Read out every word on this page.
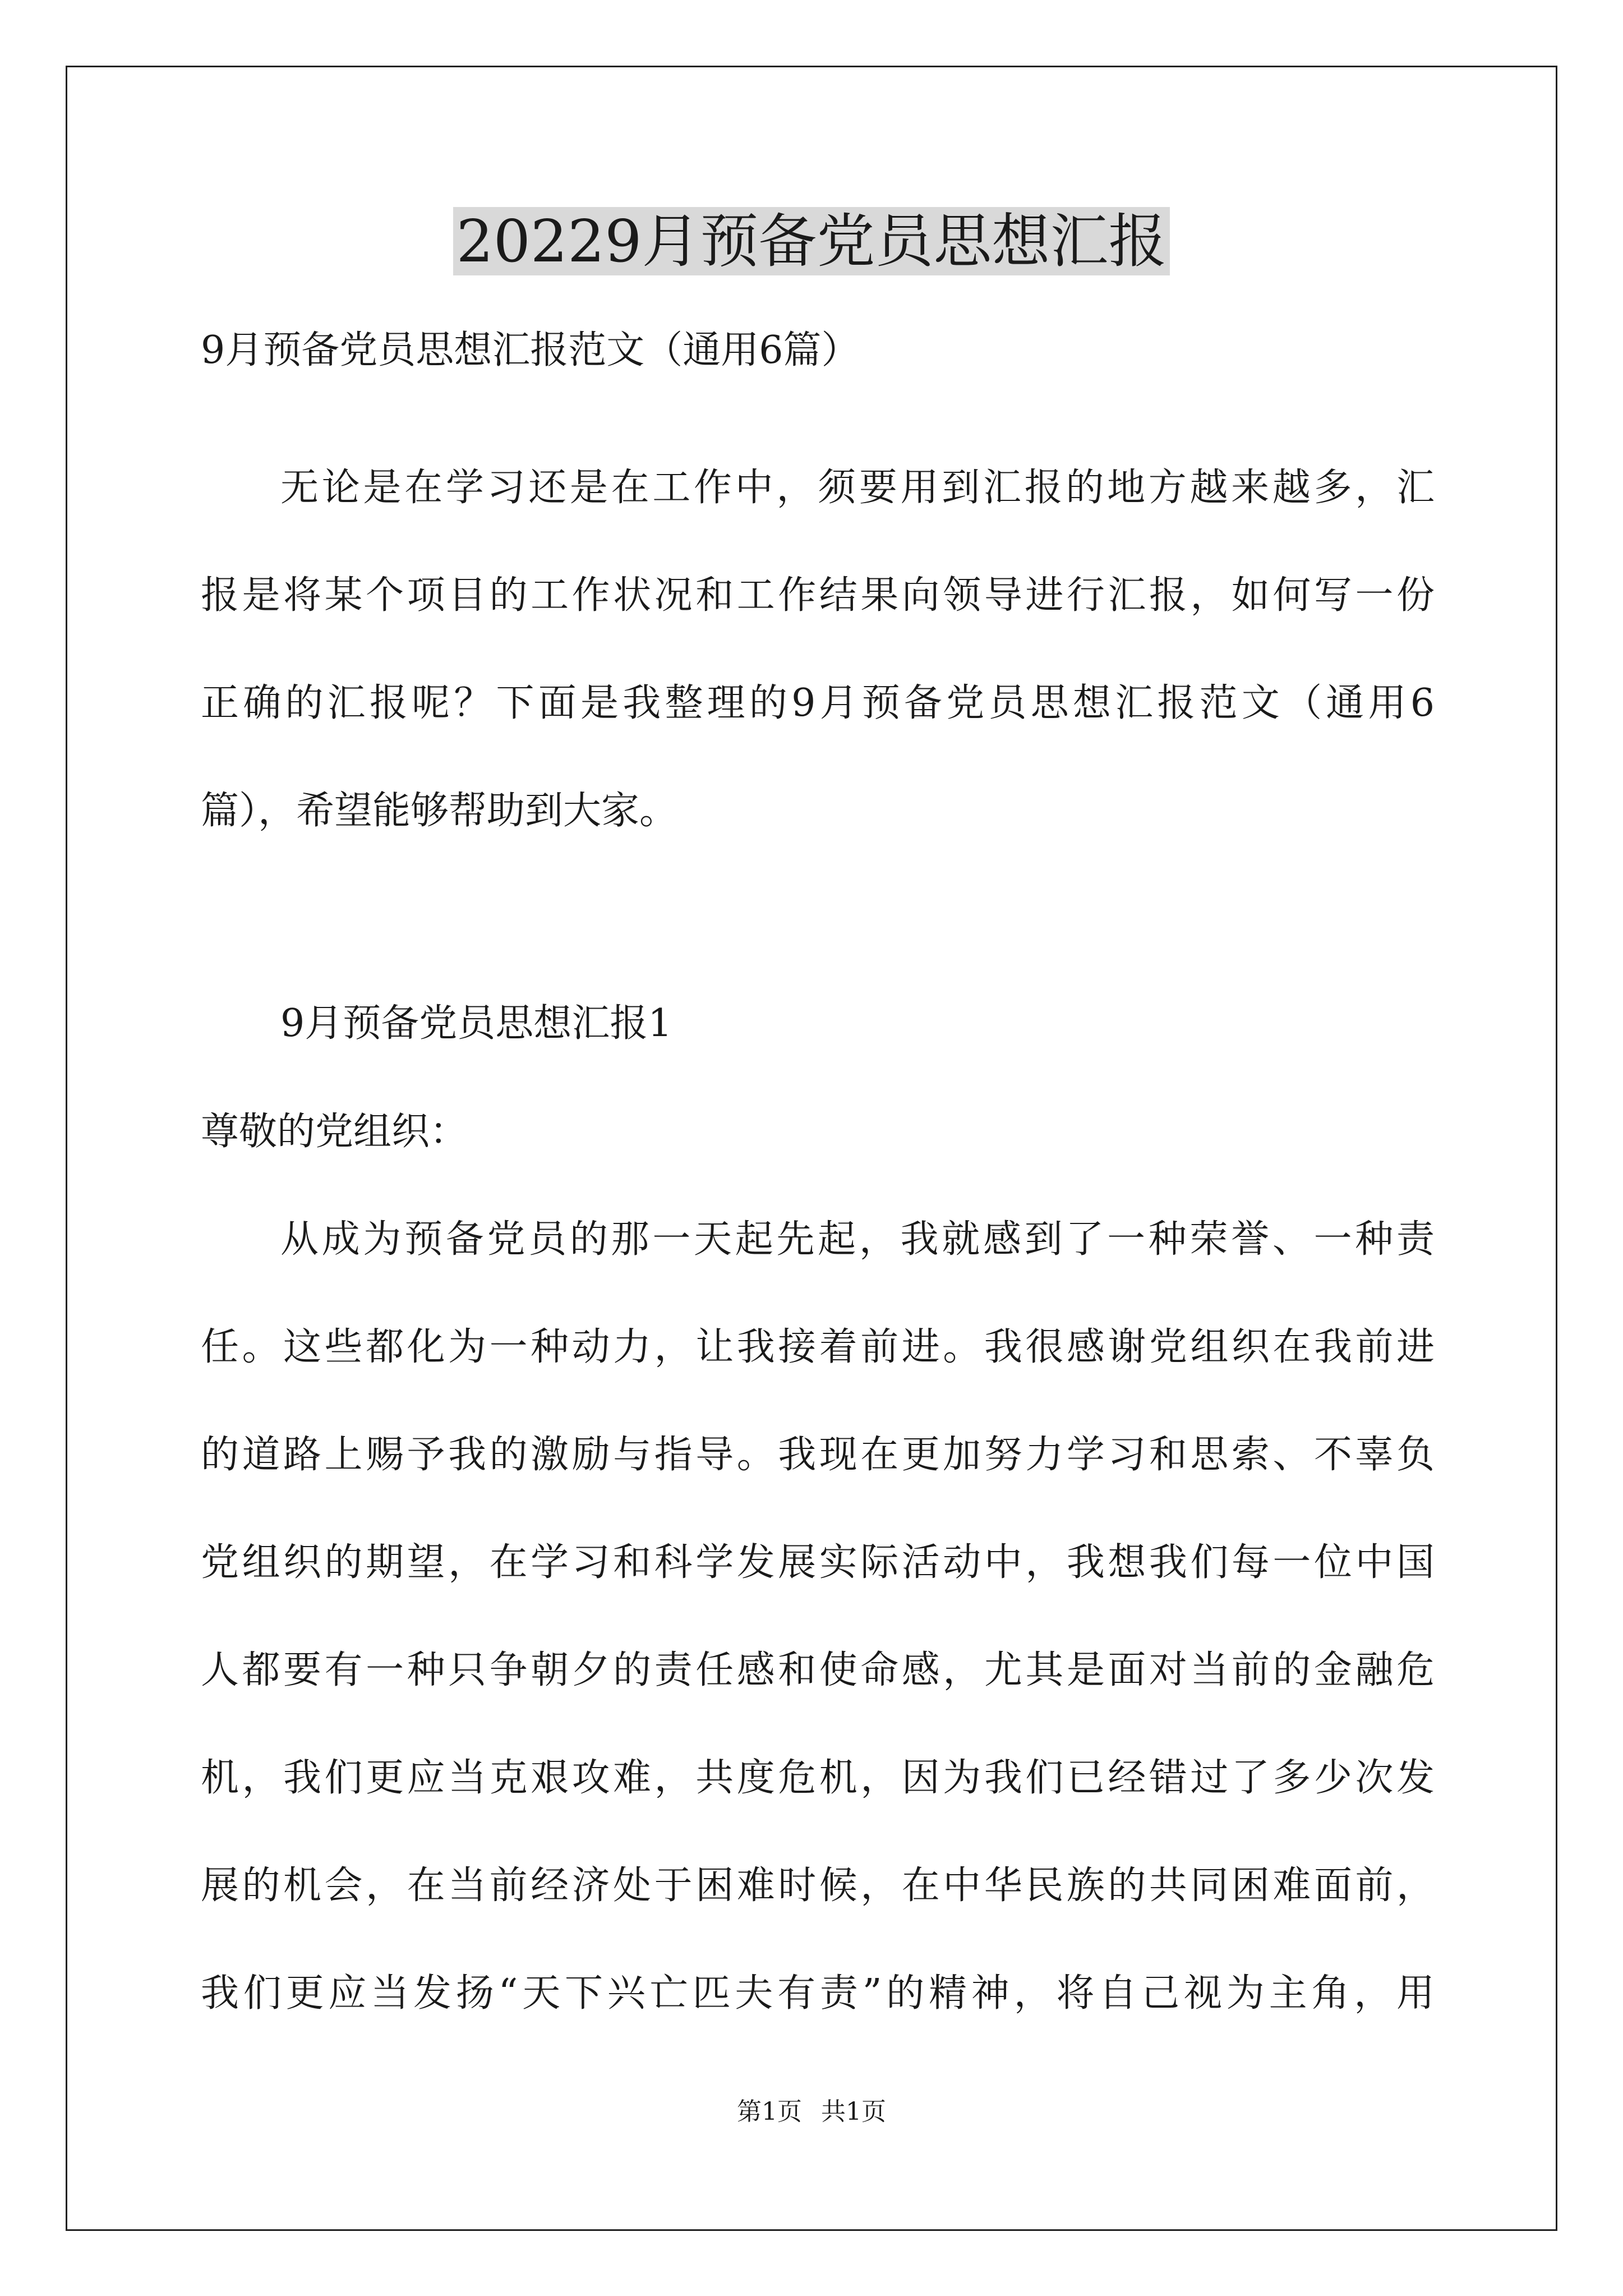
20229月预备党员思想汇报
9月预备党员思想汇报范文（通用6篇）
无论是在学习还是在工作中，须要用到汇报的地方越来越多，汇
报是将某个项目的工作状况和工作结果向领导进行汇报，如何写一份
正确的汇报呢？下面是我整理的9月预备党员思想汇报范文（通用6
篇），希望能够帮助到大家。
9月预备党员思想汇报1
尊敬的党组织：
从成为预备党员的那一天起先起，我就感到了一种荣誉、一种责
任。这些都化为一种动力，让我接着前进。我很感谢党组织在我前进
的道路上赐予我的激励与指导。我现在更加努力学习和思索、不辜负
党组织的期望，在学习和科学发展实际活动中，我想我们每一位中国
人都要有一种只争朝夕的责任感和使命感，尤其是面对当前的金融危
机，我们更应当克艰攻难，共度危机，因为我们已经错过了多少次发
展的机会，在当前经济处于困难时候，在中华民族的共同困难面前，
我们更应当发扬“天下兴亡匹夫有责”的精神，将自己视为主角，用
第1页 共1页
